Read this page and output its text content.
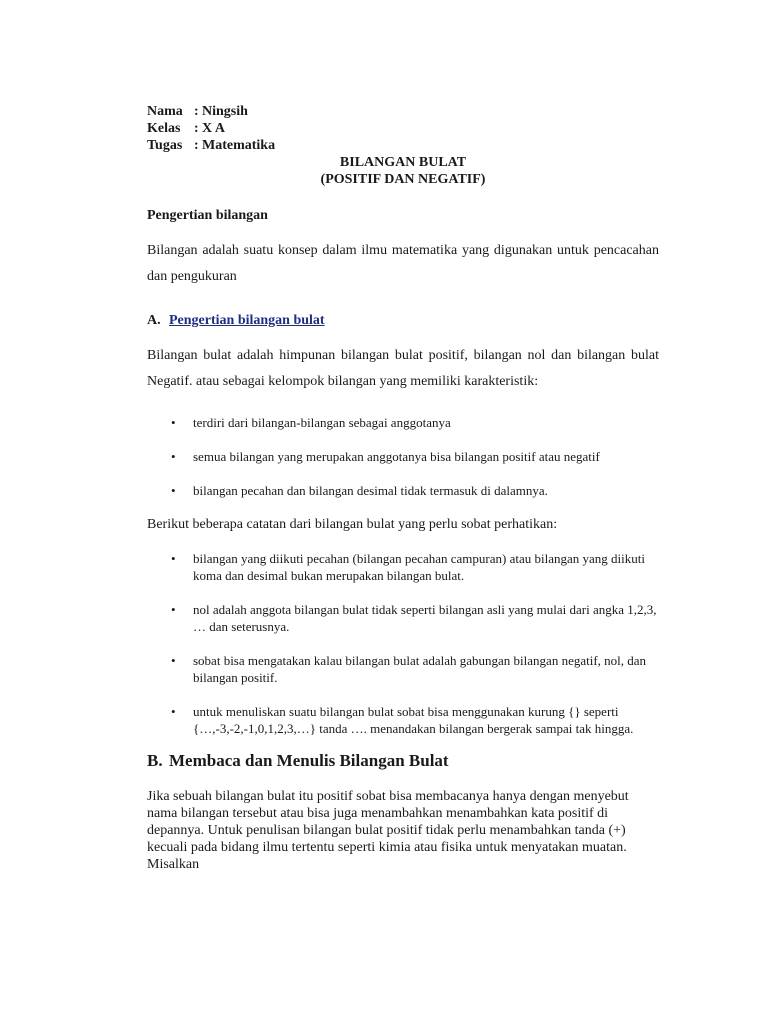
Nama : Ningsih
Kelas : X A
Tugas : Matematika
BILANGAN BULAT
(POSITIF DAN NEGATIF)
Pengertian bilangan
Bilangan adalah suatu konsep dalam ilmu matematika yang digunakan untuk pencacahan dan pengukuran
A. Pengertian bilangan bulat
Bilangan bulat adalah himpunan bilangan bulat positif, bilangan nol dan bilangan bulat Negatif. atau sebagai kelompok bilangan yang memiliki karakteristik:
• terdiri dari bilangan-bilangan sebagai anggotanya
• semua bilangan yang merupakan anggotanya bisa bilangan positif atau negatif
• bilangan pecahan dan bilangan desimal tidak termasuk di dalamnya.
Berikut beberapa catatan dari bilangan bulat yang perlu sobat perhatikan:
• bilangan yang diikuti pecahan (bilangan pecahan campuran) atau bilangan yang diikuti koma dan desimal bukan merupakan bilangan bulat.
• nol adalah anggota bilangan bulat tidak seperti bilangan asli yang mulai dari angka 1,2,3, … dan seterusnya.
• sobat bisa mengatakan kalau bilangan bulat adalah gabungan bilangan negatif, nol, dan bilangan positif.
• untuk menuliskan suatu bilangan bulat sobat bisa menggunakan kurung {} seperti {…,-3,-2,-1,0,1,2,3,…} tanda …. menandakan bilangan bergerak sampai tak hingga.
B. Membaca dan Menulis Bilangan Bulat
Jika sebuah bilangan bulat itu positif sobat bisa membacanya hanya dengan menyebut nama bilangan tersebut atau bisa juga menambahkan menambahkan kata positif di depannya. Untuk penulisan bilangan bulat positif tidak perlu menambahkan tanda (+) kecuali pada bidang ilmu tertentu seperti kimia atau fisika untuk menyatakan muatan. Misalkan
